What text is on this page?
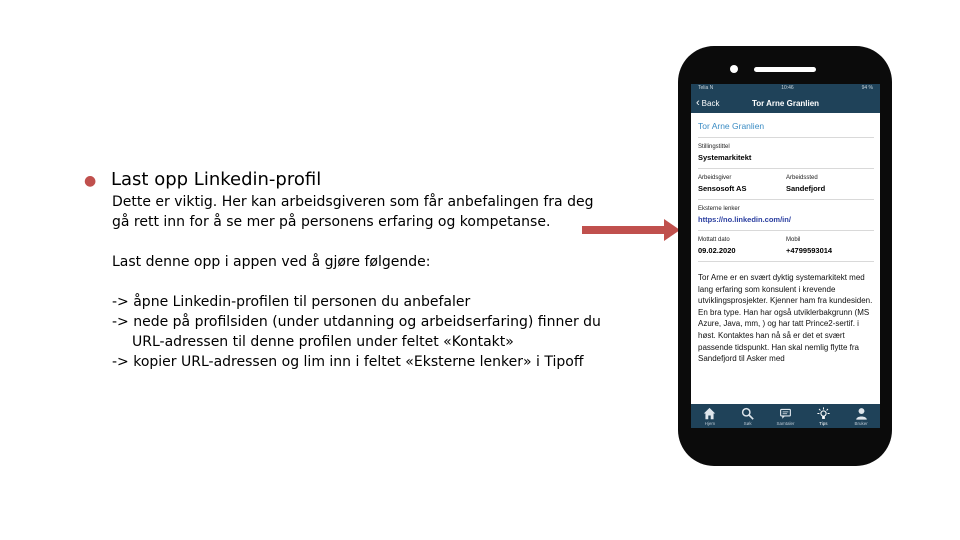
● Last opp Linkedin-profil

Dette er viktig. Her kan arbeidsgiveren som får anbefalingen fra deg

gå rett inn for å se mer på personens erfaring og kompetanse.

Last denne opp i appen ved å gjøre følgende:

-> åpne Linkedin-profilen til personen du anbefaler

-> nede på profilsiden (under utdanning og arbeidserfaring) finner du

URL-adressen til denne profilen under feltet «Kontakt»

-> kopier URL-adressen og lim inn i feltet «Eksterne lenker» i Tipoff

Telia N	10:46	94 %
‹ Back	Tor Arne Granlien
Tor Arne Granlien
Stillingstittel
Systemarkitekt
Arbeidsgiver
Sensosoft AS
Arbeidssted
Sandefjord
Eksterne lenker
https://no.linkedin.com/in/
Mottatt dato
09.02.2020
Mobil
+4799593014
Tor Arne er en svært dyktig systemarkitekt med lang erfaring som konsulent i krevende utviklingsprosjekter. Kjenner ham fra kundesiden. En bra type. Han har også utviklerbakgrunn (MS Azure, Java, mm, ) og har tatt Prince2-sertif. i høst. Kontaktes han nå så er det et svært passende tidspunkt. Han skal nemlig flytte fra Sandefjord til Asker med
Hjem	Søk	Samtaler	Tips	Bruker
